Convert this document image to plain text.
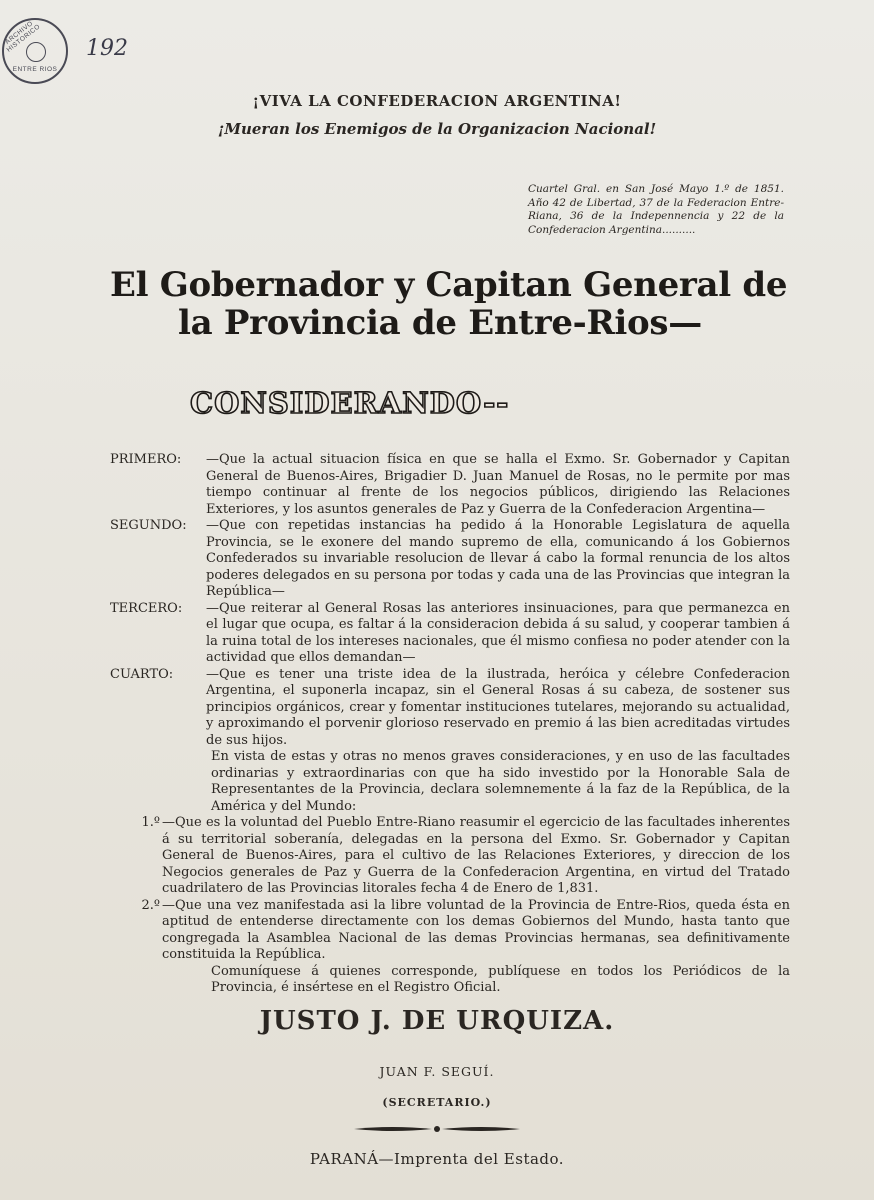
ARCHIVO HISTORICO
ENTRE RIOS
192
¡VIVA LA CONFEDERACION ARGENTINA!
¡Mueran los Enemigos de la Organizacion Nacional!
Cuartel Gral. en San José Mayo 1.º de 1851. Año 42 de Libertad, 37 de la Federacion Entre-Riana, 36 de la Indepennencia y 22 de la Confederacion Argentina..........
El Gobernador y Capitan General de
la Provincia de Entre-Rios—
CONSIDERANDO--
PRIMERO:	—Que la actual situacion física en que se halla el Exmo. Sr. Gobernador y Capitan General de Buenos-Aires, Brigadier D. Juan Manuel de Rosas, no le permite por mas tiempo continuar al frente de los negocios públicos, dirigiendo las Relaciones Exteriores, y los asuntos generales de Paz y Guerra de la Confederacion Argentina—
SEGUNDO:	—Que con repetidas instancias ha pedido á la Honorable Legislatura de aquella Provincia, se le exonere del mando supremo de ella, comunicando á los Gobiernos Confederados su invariable resolucion de llevar á cabo la formal renuncia de los altos poderes delegados en su persona por todas y cada una de las Provincias que integran la República—
TERCERO:	—Que reiterar al General Rosas las anteriores insinuaciones, para que permanezca en el lugar que ocupa, es faltar á la consideracion debida á su salud, y cooperar tambien á la ruina total de los intereses nacionales, que él mismo confiesa no poder atender con la actividad que ellos demandan—
CUARTO:	—Que es tener una triste idea de la ilustrada, heróica y célebre Confederacion Argentina, el suponerla incapaz, sin el General Rosas á su cabeza, de sostener sus principios orgánicos, crear y fomentar instituciones tutelares, mejorando su actualidad, y aproximando el porvenir glorioso reservado en premio á las bien acreditadas virtudes de sus hijos.
En vista de estas y otras no menos graves consideraciones, y en uso de las facultades ordinarias y extraordinarias con que ha sido investido por la Honorable Sala de Representantes de la Provincia, declara solemnemente á la faz de la República, de la América y del Mundo:
1.º —Que es la voluntad del Pueblo Entre-Riano reasumir el egercicio de las facultades inherentes á su territorial soberanía, delegadas en la persona del Exmo. Sr. Gobernador y Capitan General de Buenos-Aires, para el cultivo de las Relaciones Exteriores, y direccion de los Negocios generales de Paz y Guerra de la Confederacion Argentina, en virtud del Tratado cuadrilatero de las Provincias litorales fecha 4 de Enero de 1,831.
2.º —Que una vez manifestada asi la libre voluntad de la Provincia de Entre-Rios, queda ésta en aptitud de entenderse directamente con los demas Gobiernos del Mundo, hasta tanto que congregada la Asamblea Nacional de las demas Provincias hermanas, sea definitivamente constituida la República.
Comuníquese á quienes corresponde, publíquese en todos los Periódicos de la Provincia, é insértese en el Registro Oficial.
JUSTO J. DE URQUIZA.
JUAN F. SEGUÍ.
(SECRETARIO.)
PARANÁ—Imprenta del Estado.
